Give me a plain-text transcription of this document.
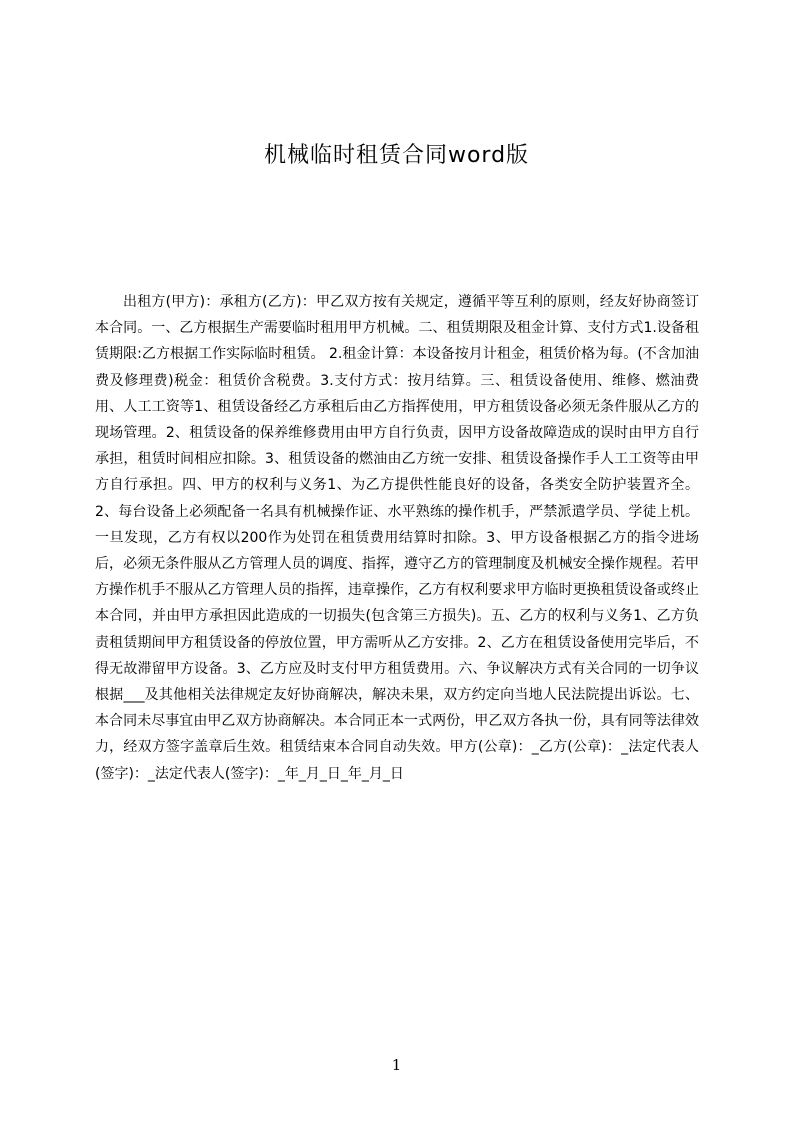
机械临时租赁合同word版

出租方(甲方)：承租方(乙方)：甲乙双方按有关规定，遵循平等互利的原则，经友好协商签订本合同。一、乙方根据生产需要临时租用甲方机械。二、租赁期限及租金计算、支付方式1.设备租赁期限:乙方根据工作实际临时租赁。 2.租金计算：本设备按月计租金，租赁价格为每。(不含加油费及修理费)税金：租赁价含税费。3.支付方式：按月结算。三、租赁设备使用、维修、燃油费用、人工工资等1、租赁设备经乙方承租后由乙方指挥使用，甲方租赁设备必须无条件服从乙方的现场管理。2、租赁设备的保养维修费用由甲方自行负责，因甲方设备故障造成的误时由甲方自行承担，租赁时间相应扣除。3、租赁设备的燃油由乙方统一安排、租赁设备操作手人工工资等由甲方自行承担。四、甲方的权利与义务1、为乙方提供性能良好的设备，各类安全防护装置齐全。2、每台设备上必须配备一名具有机械操作证、水平熟练的操作机手，严禁派遣学员、学徒上机。一旦发现，乙方有权以200作为处罚在租赁费用结算时扣除。3、甲方设备根据乙方的指令进场后，必须无条件服从乙方管理人员的调度、指挥，遵守乙方的管理制度及机械安全操作规程。若甲方操作机手不服从乙方管理人员的指挥，违章操作，乙方有权利要求甲方临时更换租赁设备或终止本合同，并由甲方承担因此造成的一切损失(包含第三方损失)。五、乙方的权利与义务1、乙方负责租赁期间甲方租赁设备的停放位置，甲方需听从乙方安排。2、乙方在租赁设备使用完毕后，不得无故滞留甲方设备。3、乙方应及时支付甲方租赁费用。六、争议解决方式有关合同的一切争议根据___及其他相关法律规定友好协商解决，解决未果，双方约定向当地人民法院提出诉讼。七、本合同未尽事宜由甲乙双方协商解决。本合同正本一式两份，甲乙双方各执一份，具有同等法律效力，经双方签字盖章后生效。租赁结束本合同自动失效。甲方(公章)：_乙方(公章)：_法定代表人(签字)：_法定代表人(签字)：_年_月_日_年_月_日

1
